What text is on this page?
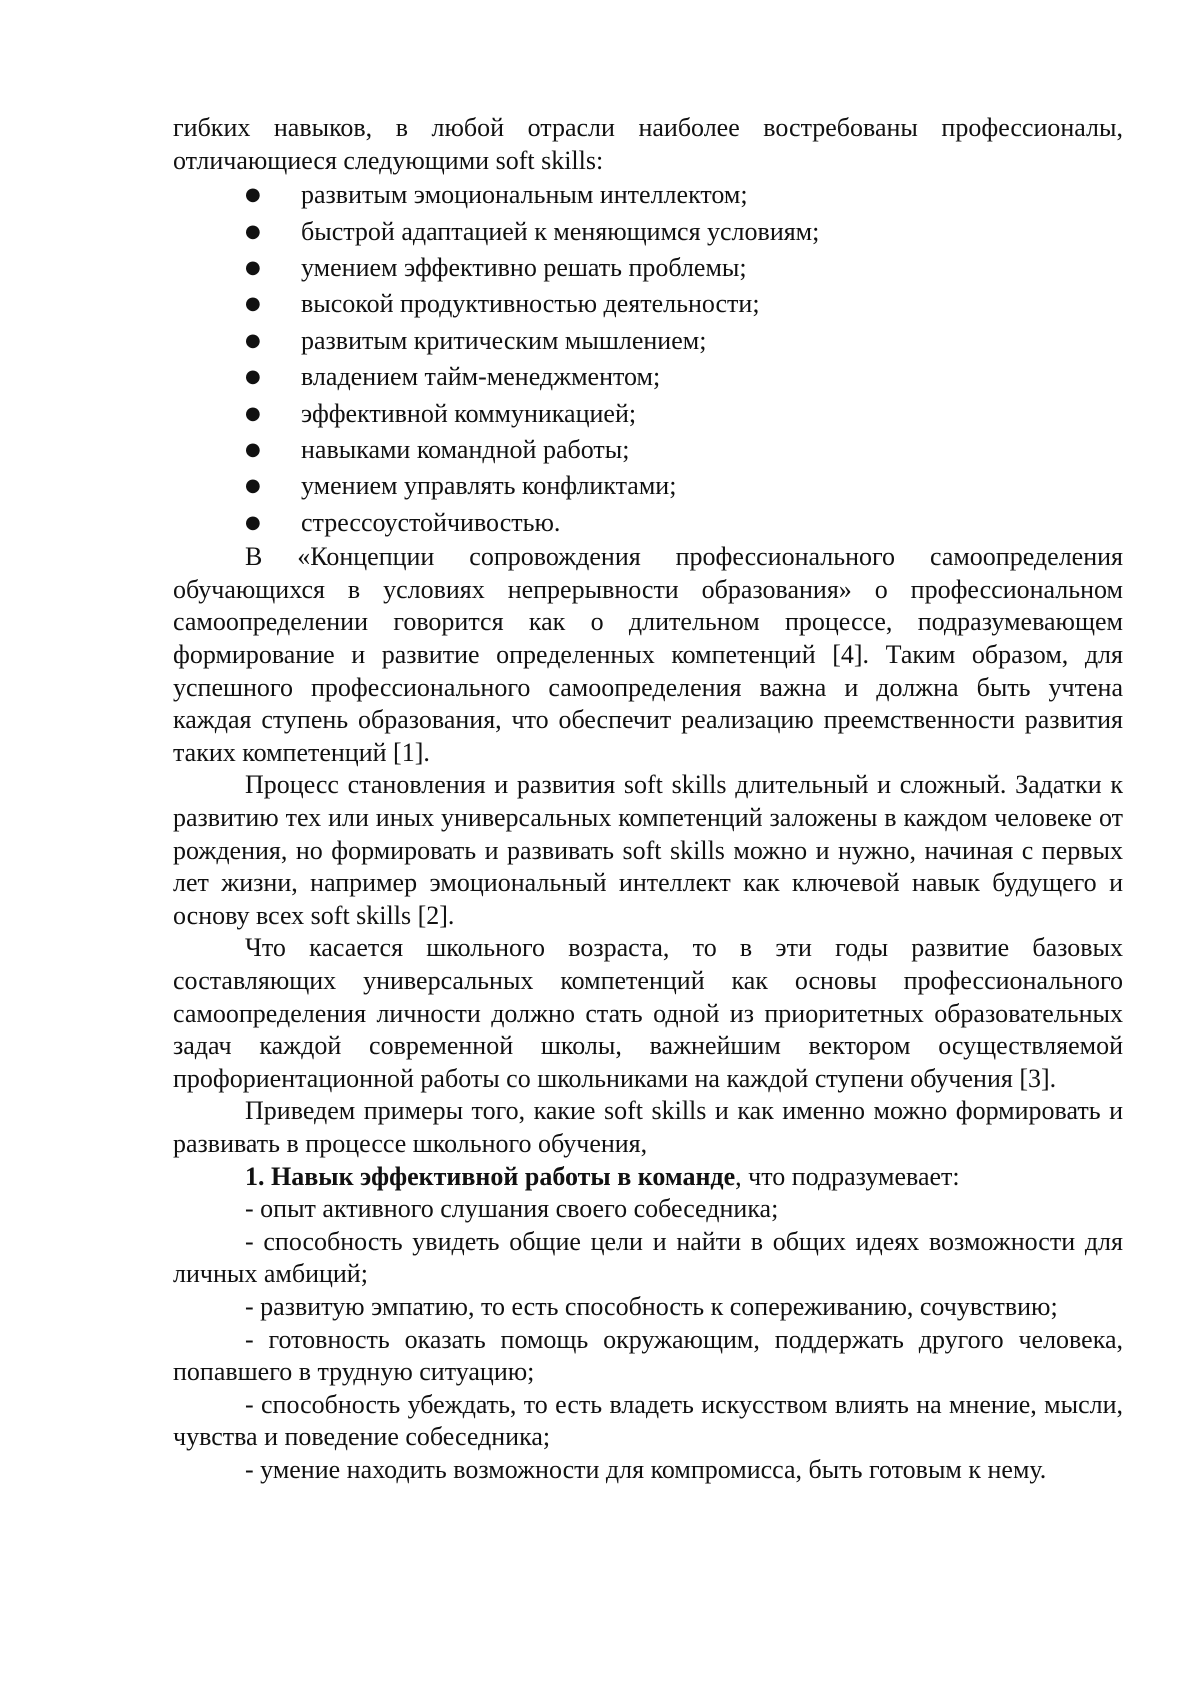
гибких навыков, в любой отрасли наиболее востребованы профессионалы, отличающиеся следующими soft skills:

● развитым эмоциональным интеллектом;
● быстрой адаптацией к меняющимся условиям;
● умением эффективно решать проблемы;
● высокой продуктивностью деятельности;
● развитым критическим мышлением;
● владением тайм-менеджментом;
● эффективной коммуникацией;
● навыками командной работы;
● умением управлять конфликтами;
● стрессоустойчивостью.

В «Концепции сопровождения профессионального самоопределения обучающихся в условиях непрерывности образования» о профессиональном самоопределении говорится как о длительном процессе, подразумевающем формирование и развитие определенных компетенций [4]. Таким образом, для успешного профессионального самоопределения важна и должна быть учтена каждая ступень образования, что обеспечит реализацию преемственности развития таких компетенций [1].

Процесс становления и развития soft skills длительный и сложный. Задатки к развитию тех или иных универсальных компетенций заложены в каждом человеке от рождения, но формировать и развивать soft skills можно и нужно, начиная с первых лет жизни, например эмоциональный интеллект как ключевой навык будущего и основу всех soft skills [2].

Что касается школьного возраста, то в эти годы развитие базовых составляющих универсальных компетенций как основы профессионального самоопределения личности должно стать одной из приоритетных образовательных задач каждой современной школы, важнейшим вектором осуществляемой профориентационной работы со школьниками на каждой ступени обучения [3].

Приведем примеры того, какие soft skills и как именно можно формировать и развивать в процессе школьного обучения,

1. Навык эффективной работы в команде, что подразумевает:

- опыт активного слушания своего собеседника;

- способность увидеть общие цели и найти в общих идеях возможности для личных амбиций;

- развитую эмпатию, то есть способность к сопереживанию, сочувствию;

- готовность оказать помощь окружающим, поддержать другого человека, попавшего в трудную ситуацию;

- способность убеждать, то есть владеть искусством влиять на мнение, мысли, чувства и поведение собеседника;

- умение находить возможности для компромисса, быть готовым к нему.
